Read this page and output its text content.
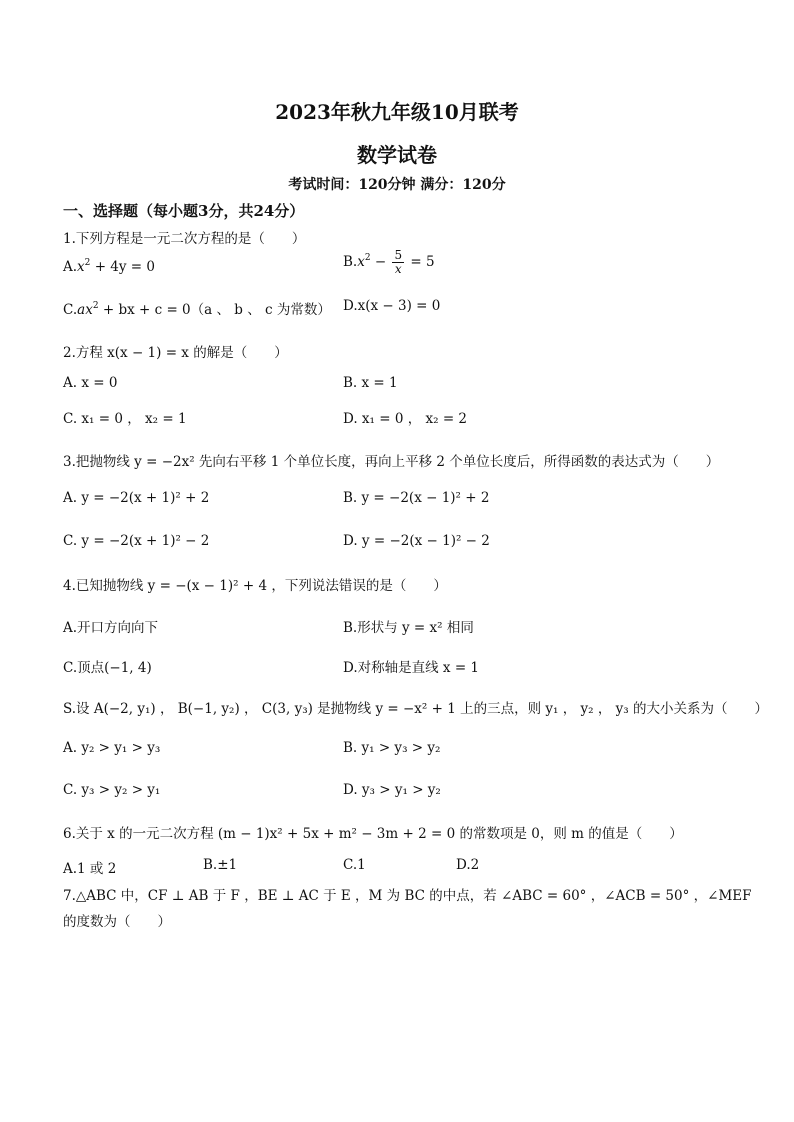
2023年秋九年级10月联考
数学试卷
考试时间：120分钟 满分：120分
一、选择题（每小题3分，共24分）
1.下列方程是一元二次方程的是（　　）
$A.x^2 + 4y = 0$	$B.x^2 - \frac{5}{x} = 5$
$C.ax^2$ + bx + c = 0（a 、 b 、 c 为常数） D.x(x − 3) = 0
2.方程 x(x − 1) = x 的解是（　　）
A. x = 0	B. x = 1
C. x₁ = 0 ， x₂ = 1	D. x₁ = 0 ， x₂ = 2
3.把抛物线 y = −2x² 先向右平移 1 个单位长度，再向上平移 2 个单位长度后，所得函数的表达式为（　　）
A. y = −2(x + 1)² + 2	B. y = −2(x − 1)² + 2
C. y = −2(x + 1)² − 2	D. y = −2(x − 1)² − 2
4.已知抛物线 y = −(x − 1)² + 4 ，下列说法错误的是（　　）
A.开口方向向下	B.形状与 y = x² 相同
C.顶点(−1, 4)	D.对称轴是直线 x = 1
S.设 A(−2, y₁) ， B(−1, y₂) ， C(3, y₃) 是抛物线 y = −x² + 1 上的三点，则 y₁ ， y₂ ， y₃ 的大小关系为（　　）
A. y₂ > y₁ > y₃	B. y₁ > y₃ > y₂
C. y₃ > y₂ > y₁	D. y₃ > y₁ > y₂
6.关于 x 的一元二次方程 (m − 1)x² + 5x + m² − 3m + 2 = 0 的常数项是 0，则 m 的值是（　　）
A.1 或 2	B.±1	C.1	D.2
7.△ABC 中，CF ⊥ AB 于 F ，BE ⊥ AC 于 E ，M 为 BC 的中点，若 ∠ABC = 60° ，∠ACB = 50° ，∠MEF
的度数为（　　）
